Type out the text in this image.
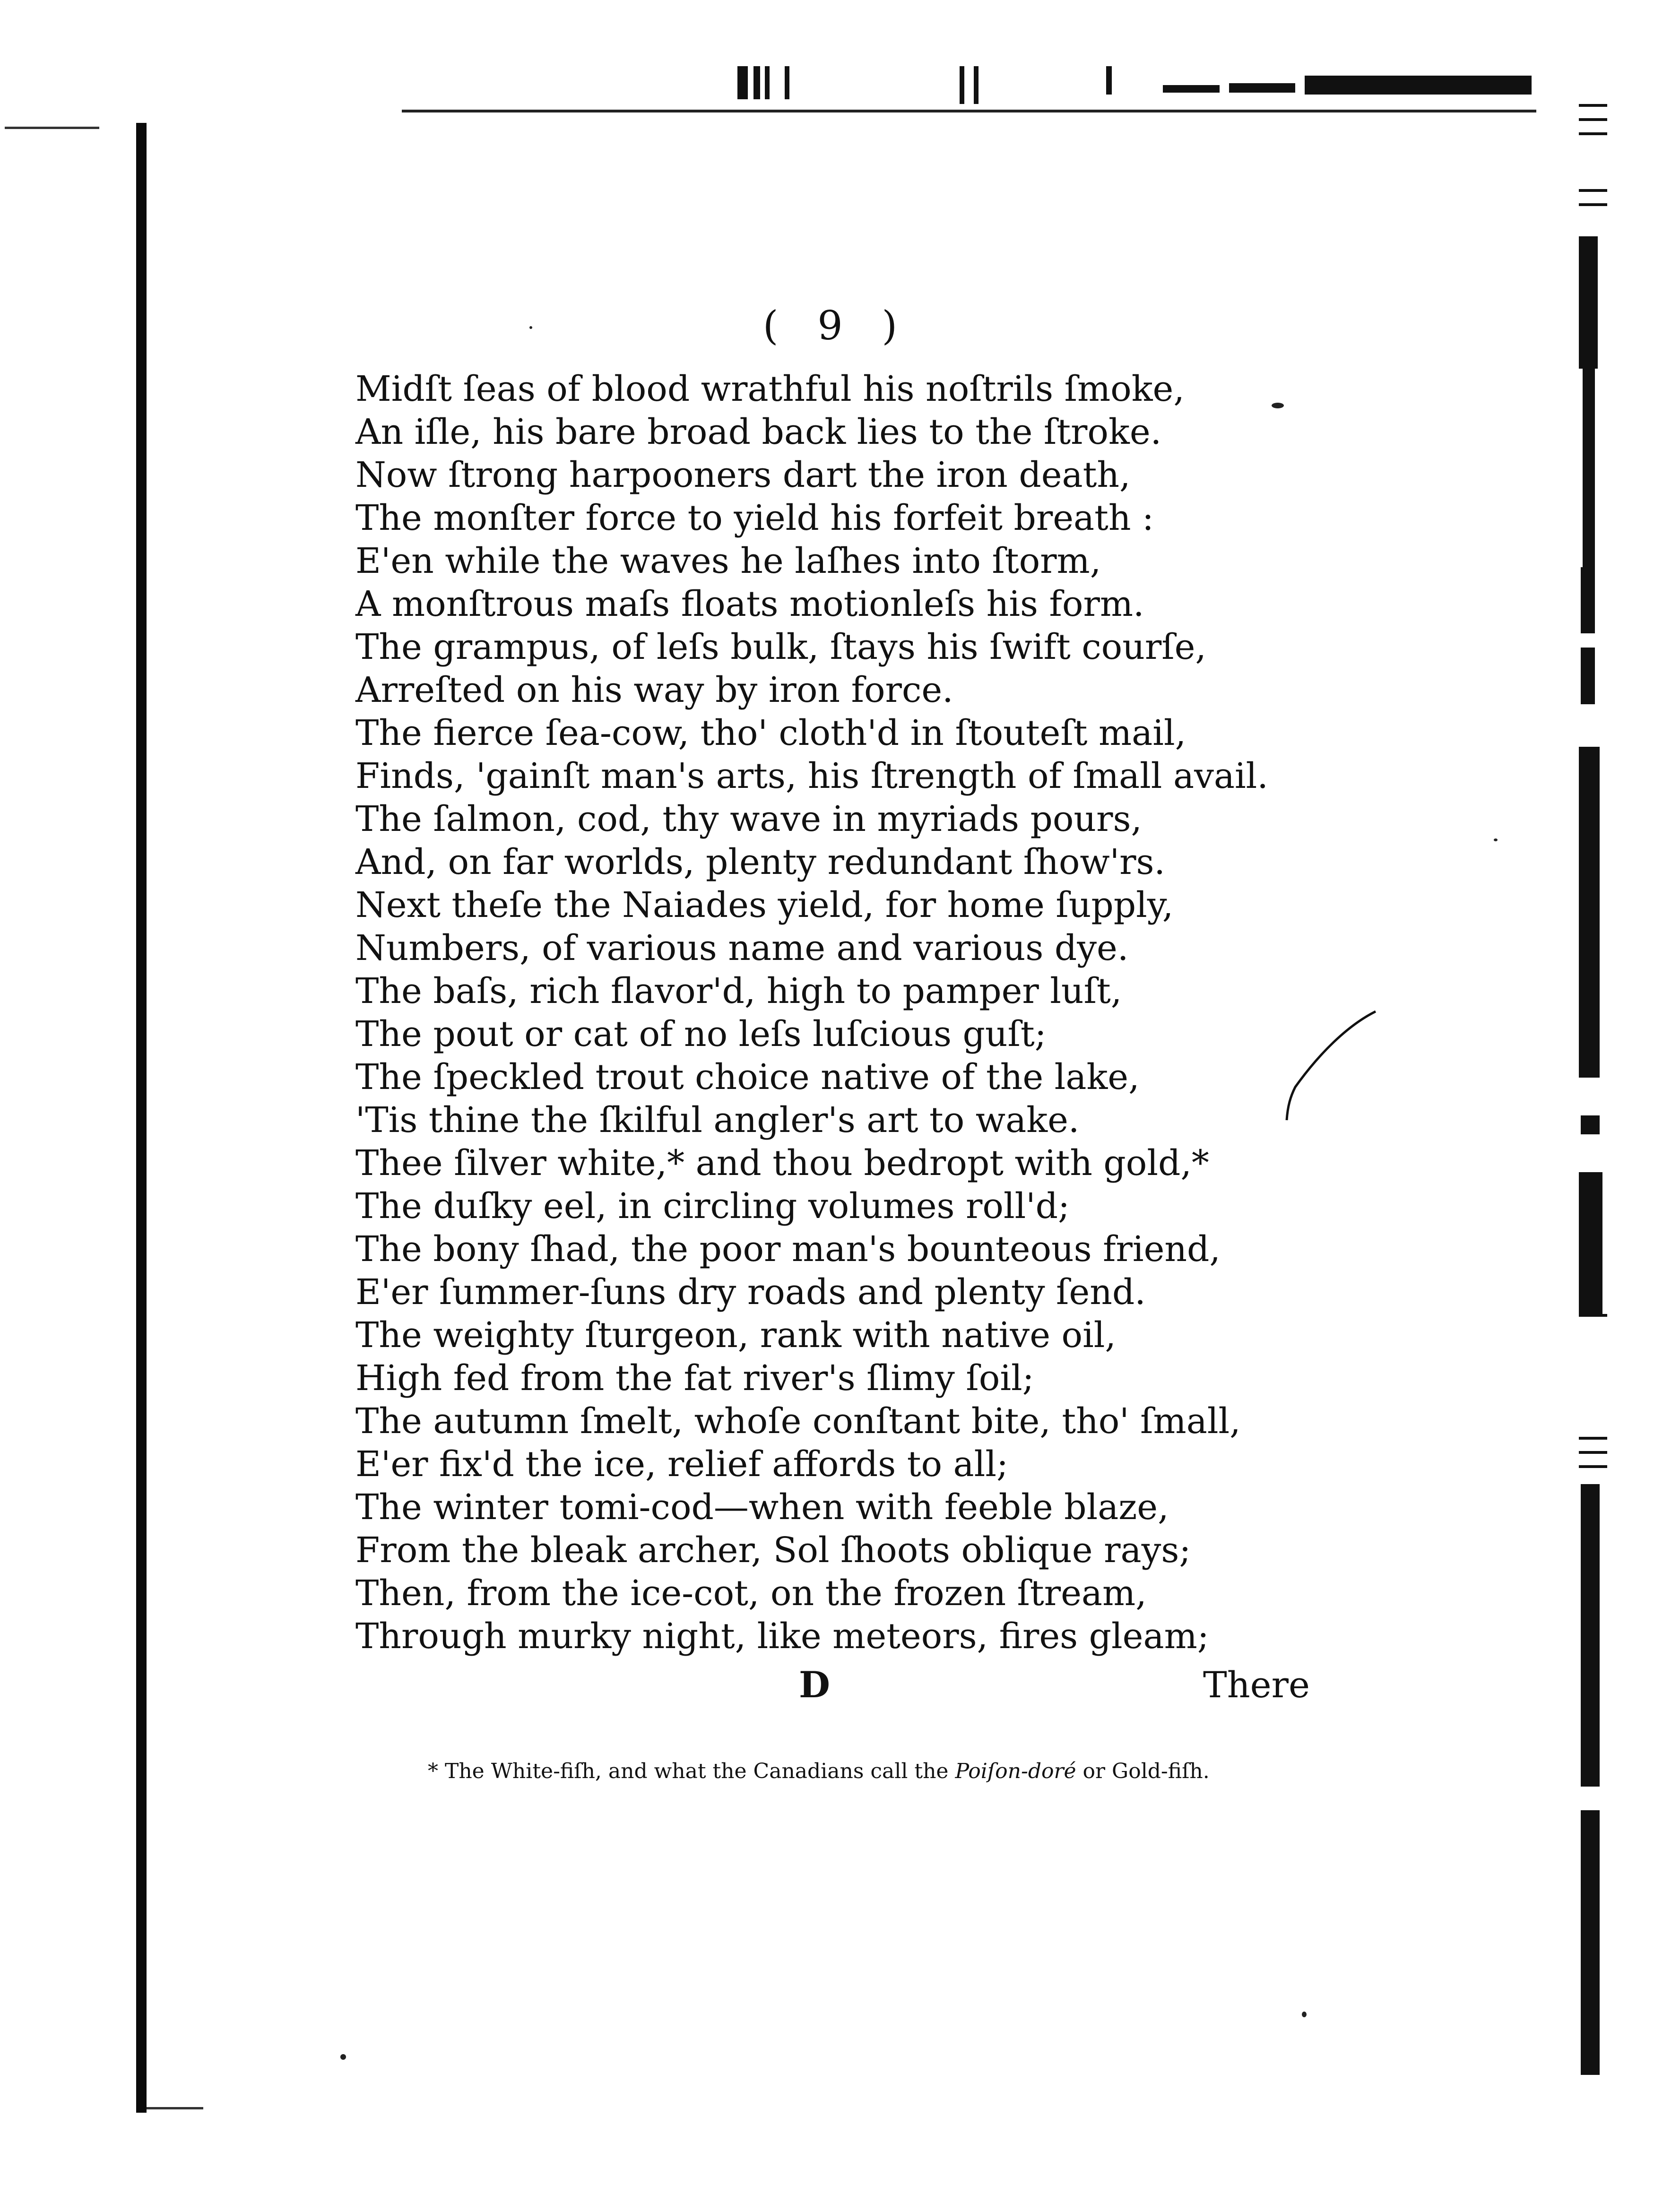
( 9 )
Midſt ſeas of blood wrathful his noſtrils ſmoke,
An iſle, his bare broad back lies to the ſtroke.
Now ſtrong harpooners dart the iron death,
The monſter force to yield his forfeit breath :
E'en while the waves he laſhes into ſtorm,
A monſtrous maſs floats motionleſs his form.
The grampus, of leſs bulk, ſtays his ſwift courſe,
Arreſted on his way by iron force.
The fierce ſea-cow, tho' cloth'd in ſtouteſt mail,
Finds, 'gainſt man's arts, his ſtrength of ſmall avail.
The ſalmon, cod, thy wave in myriads pours,
And, on far worlds, plenty redundant ſhow'rs.
Next theſe the Naiades yield, for home ſupply,
Numbers, of various name and various dye.
The baſs, rich flavor'd, high to pamper luſt,
The pout or cat of no leſs luſcious guſt;
The ſpeckled trout choice native of the lake,
'Tis thine the ſkilful angler's art to wake.
Thee ſilver white,* and thou bedropt with gold,*
The duſky eel, in circling volumes roll'd;
The bony ſhad, the poor man's bounteous friend,
E'er ſummer-ſuns dry roads and plenty ſend.
The weighty ſturgeon, rank with native oil,
High fed from the fat river's ſlimy ſoil;
The autumn ſmelt, whoſe conſtant bite, tho' ſmall,
E'er fix'd the ice, relief affords to all;
The winter tomi-cod—when with feeble blaze,
From the bleak archer, Sol ſhoots oblique rays;
Then, from the ice-cot, on the frozen ſtream,
Through murky night, like meteors, fires gleam;
D	There
* The White-fiſh, and what the Canadians call the Poiſon-doré or Gold-fiſh.
